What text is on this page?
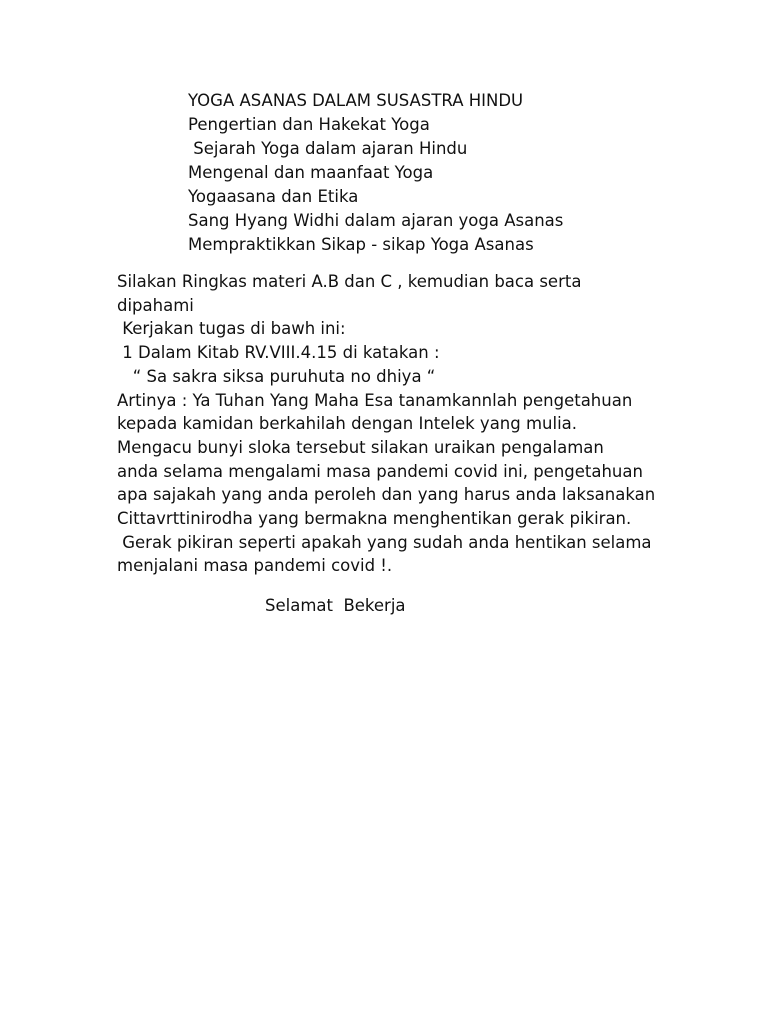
YOGA ASANAS DALAM SUSASTRA HINDU

Pengertian dan Hakekat Yoga

Sejarah Yoga dalam ajaran Hindu

Mengenal dan maanfaat Yoga

Yogaasana dan Etika

Sang Hyang Widhi dalam ajaran yoga Asanas

Mempraktikkan Sikap - sikap Yoga Asanas

Silakan Ringkas materi A.B dan C , kemudian baca serta

dipahami

Kerjakan tugas di bawh ini:

1 Dalam Kitab RV.VIII.4.15 di katakan :

“ Sa sakra siksa puruhuta no dhiya “

Artinya : Ya Tuhan Yang Maha Esa tanamkannlah pengetahuan

kepada kamidan berkahilah dengan Intelek yang mulia.

Mengacu bunyi sloka tersebut silakan uraikan pengalaman

anda selama mengalami masa pandemi covid ini, pengetahuan

apa sajakah yang anda peroleh dan yang harus anda laksanakan

Cittavrttinirodha yang bermakna menghentikan gerak pikiran.

Gerak pikiran seperti apakah yang sudah anda hentikan selama

menjalani masa pandemi covid !.

Selamat  Bekerja
